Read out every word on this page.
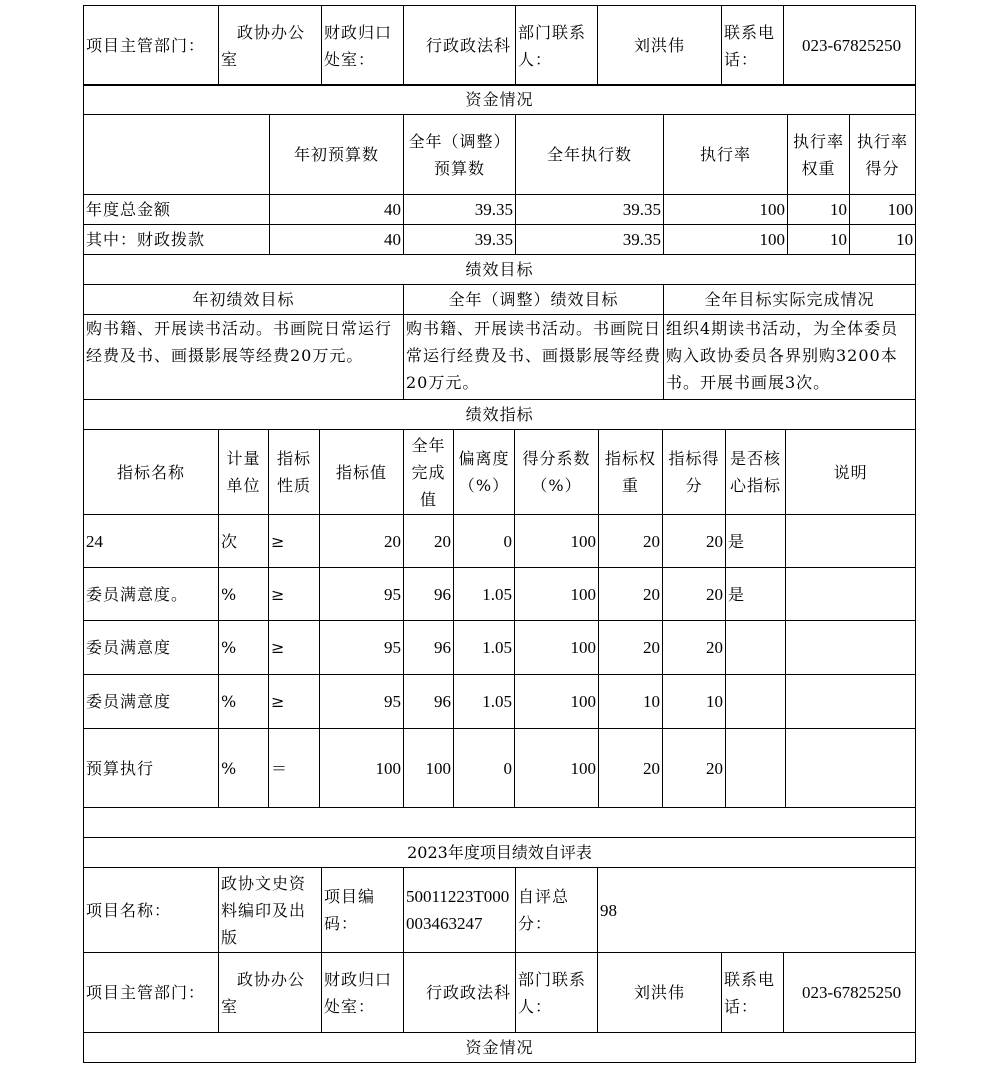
项目主管部门：	政协办公室	财政归口处室：	行政政法科	部门联系人：	刘洪伟	联系电话：	023-67825250
资金情况						
	年初预算数	全年（调整）预算数	全年执行数	执行率	执行率权重	执行率得分
年度总金额	40	39.35	39.35	100	10	100
其中：财政拨款	40	39.35	39.35	100	10	10
绩效目标		
年初绩效目标	全年（调整）绩效目标	全年目标实际完成情况
购书籍、开展读书活动。书画院日常运行经费及书、画摄影展等经费20万元。	购书籍、开展读书活动。书画院日常运行经费及书、画摄影展等经费20万元。	组织4期读书活动，为全体委员购入政协委员各界别购3200本书。开展书画展3次。
绩效指标										
指标名称	计量单位	指标性质	指标值	全年完成值	偏离度（%）	得分系数（%）	指标权重	指标得分	是否核心指标	说明
24	次	≥	20	20	0	100	20	20	是	
委员满意度。	%	≥	95	96	1.05	100	20	20	是	
委员满意度	%	≥	95	96	1.05	100	20	20		
委员满意度	%	≥	95	96	1.05	100	10	10		
预算执行	%	＝	100	100	0	100	20	20		

2023年度项目绩效自评表							
项目名称：	政协文史资料编印及出版	项目编码：	50011223T000003463247	自评总分：	98		
项目主管部门：	政协办公室	财政归口处室：	行政政法科	部门联系人：	刘洪伟	联系电话：	023-67825250
资金情况							
